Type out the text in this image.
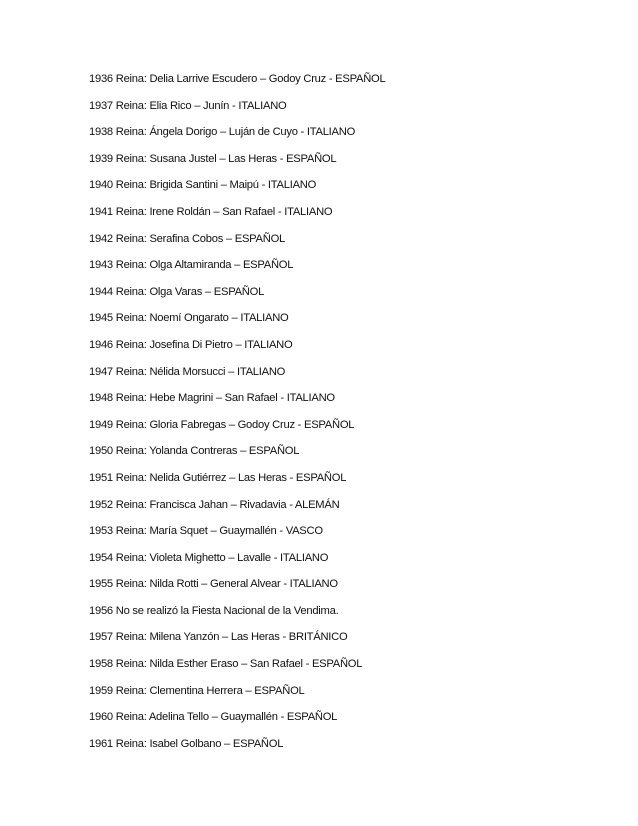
1936 Reina: Delia Larrive Escudero – Godoy Cruz - ESPAÑOL
1937 Reina: Elia Rico – Junín - ITALIANO
1938 Reina: Ángela Dorigo – Luján de Cuyo - ITALIANO
1939 Reina: Susana Justel – Las Heras - ESPAÑOL
1940 Reina: Brigida Santini – Maipú - ITALIANO
1941 Reina: Irene Roldán – San Rafael - ITALIANO
1942 Reina: Serafina Cobos – ESPAÑOL
1943 Reina: Olga Altamiranda – ESPAÑOL
1944 Reina: Olga Varas – ESPAÑOL
1945 Reina: Noemí Ongarato – ITALIANO
1946 Reina: Josefina Di Pietro – ITALIANO
1947 Reina: Nélida Morsucci – ITALIANO
1948 Reina: Hebe Magrini – San Rafael - ITALIANO
1949 Reina: Gloria Fabregas – Godoy Cruz - ESPAÑOL
1950 Reina: Yolanda Contreras – ESPAÑOL
1951 Reina: Nelida Gutiérrez – Las Heras - ESPAÑOL
1952 Reina: Francisca Jahan – Rivadavia - ALEMÁN
1953 Reina: María Squet – Guaymallén - VASCO
1954 Reina: Violeta Mighetto – Lavalle - ITALIANO
1955 Reina: Nilda Rotti – General Alvear - ITALIANO
1956 No se realizó la Fiesta Nacional de la Vendima.
1957 Reina: Milena Yanzón – Las Heras - BRITÁNICO
1958 Reina: Nilda Esther Eraso – San Rafael - ESPAÑOL
1959 Reina: Clementina Herrera – ESPAÑOL
1960 Reina: Adelina Tello – Guaymallén - ESPAÑOL
1961 Reina: Isabel Golbano – ESPAÑOL
